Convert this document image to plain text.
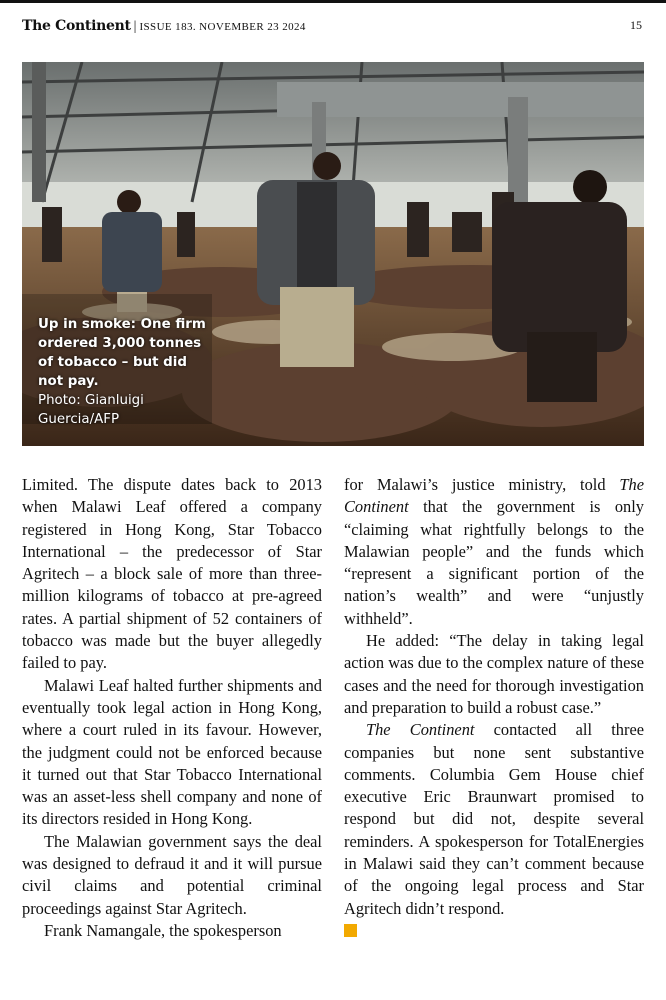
The Continent | ISSUE 183. NOVEMBER 23 2024	15
Up in smoke: One firm ordered 3,000 tonnes of tobacco – but did not pay.
Photo: Gianluigi Guercia/AFP

Limited. The dispute dates back to 2013 when Malawi Leaf offered a company registered in Hong Kong, Star Tobacco International – the predecessor of Star Agritech – a block sale of more than three-million kilograms of tobacco at pre-agreed rates. A partial shipment of 52 containers of tobacco was made but the buyer allegedly failed to pay.

Malawi Leaf halted further shipments and eventually took legal action in Hong Kong, where a court ruled in its favour. However, the judgment could not be enforced because it turned out that Star Tobacco International was an asset-less shell company and none of its directors resided in Hong Kong.

The Malawian government says the deal was designed to defraud it and it will pursue civil claims and potential criminal proceedings against Star Agritech.

Frank Namangale, the spokesperson

for Malawi’s justice ministry, told The Continent that the government is only “claiming what rightfully belongs to the Malawian people” and the funds which “represent a significant portion of the nation’s wealth” and were “unjustly withheld”.

He added: “The delay in taking legal action was due to the complex nature of these cases and the need for thorough investigation and preparation to build a robust case.”

The Continent contacted all three companies but none sent substantive comments. Columbia Gem House chief executive Eric Braunwart promised to respond but did not, despite several reminders. A spokesperson for TotalEnergies in Malawi said they can’t comment because of the ongoing legal process and Star Agritech didn’t respond.
